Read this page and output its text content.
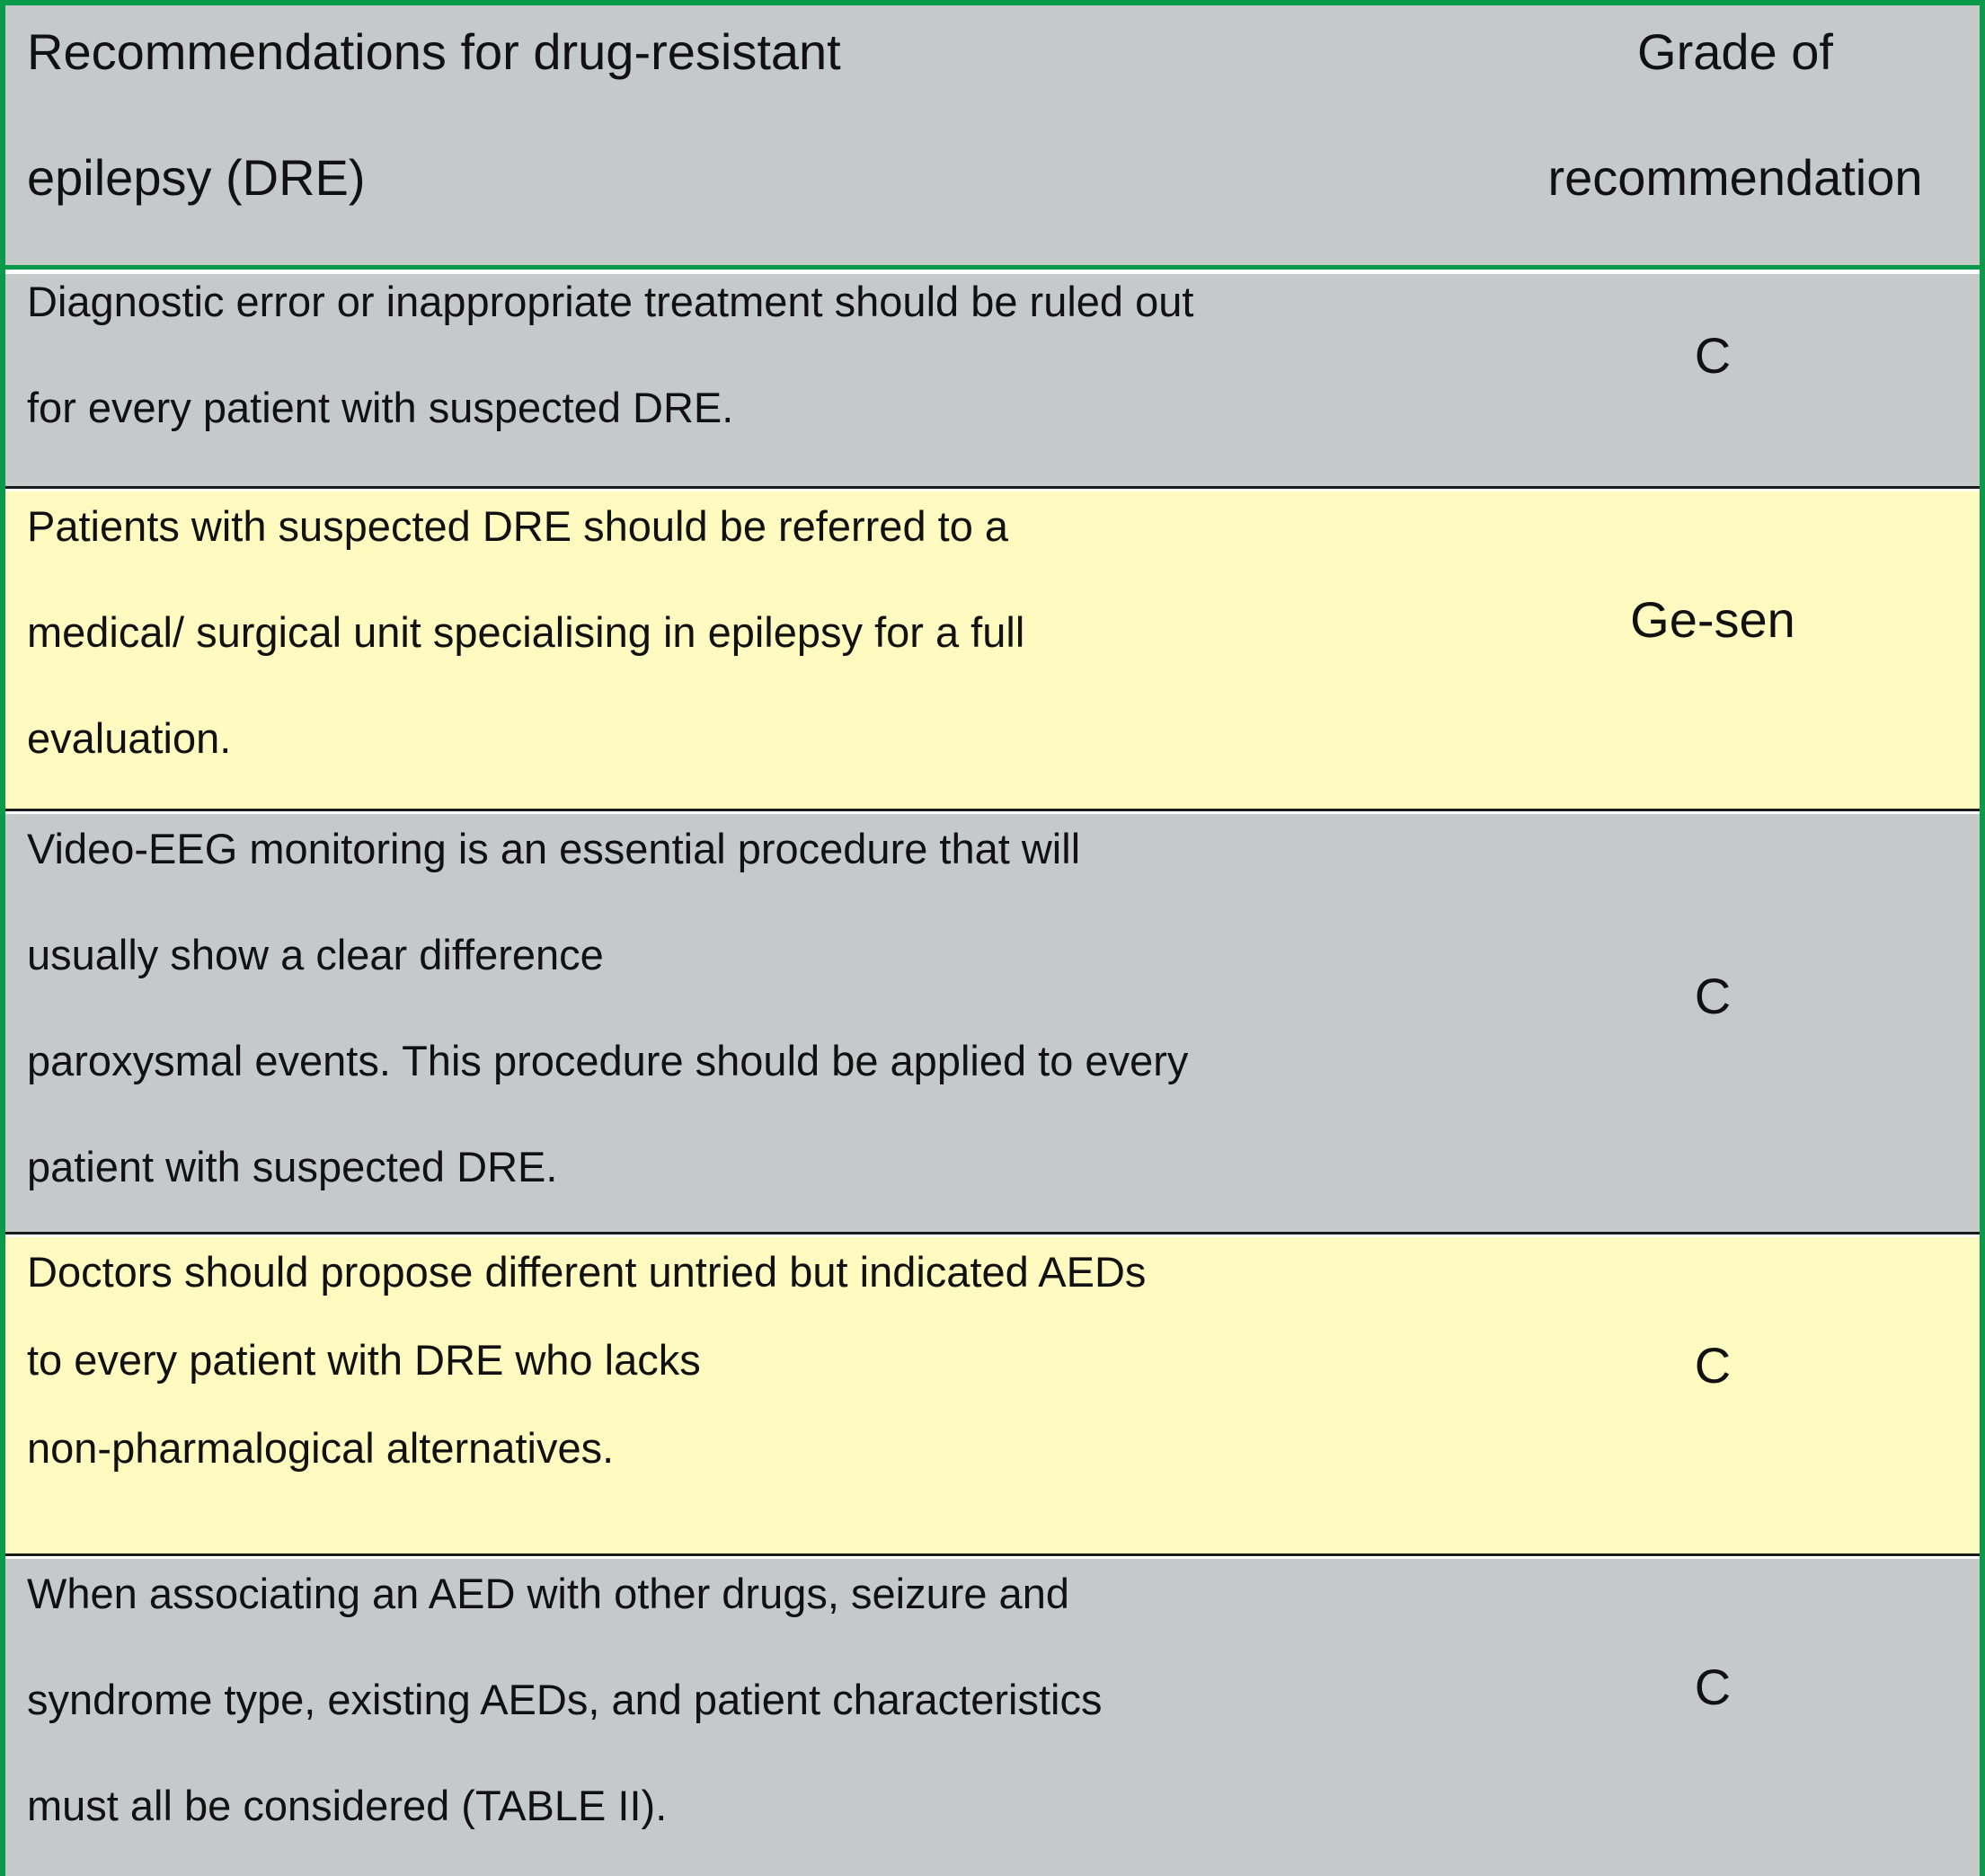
Recommendations for drug-resistant
epilepsy (DRE)
Grade of
recommendation
Diagnostic error or inappropriate treatment should be ruled out
for every patient with suspected DRE.
C
Patients with suspected DRE should be referred to a
medical/ surgical unit specialising in epilepsy for a full
evaluation.
Ge-sen
Video-EEG monitoring is an essential procedure that will
usually show a clear difference
paroxysmal events. This procedure should be applied to every
patient with suspected DRE.
C
Doctors should propose different untried but indicated AEDs
to every patient with DRE who lacks
non-pharmalogical alternatives.
C
When associating an AED with other drugs, seizure and
syndrome type, existing AEDs, and patient characteristics
must all be considered (TABLE II).
C
